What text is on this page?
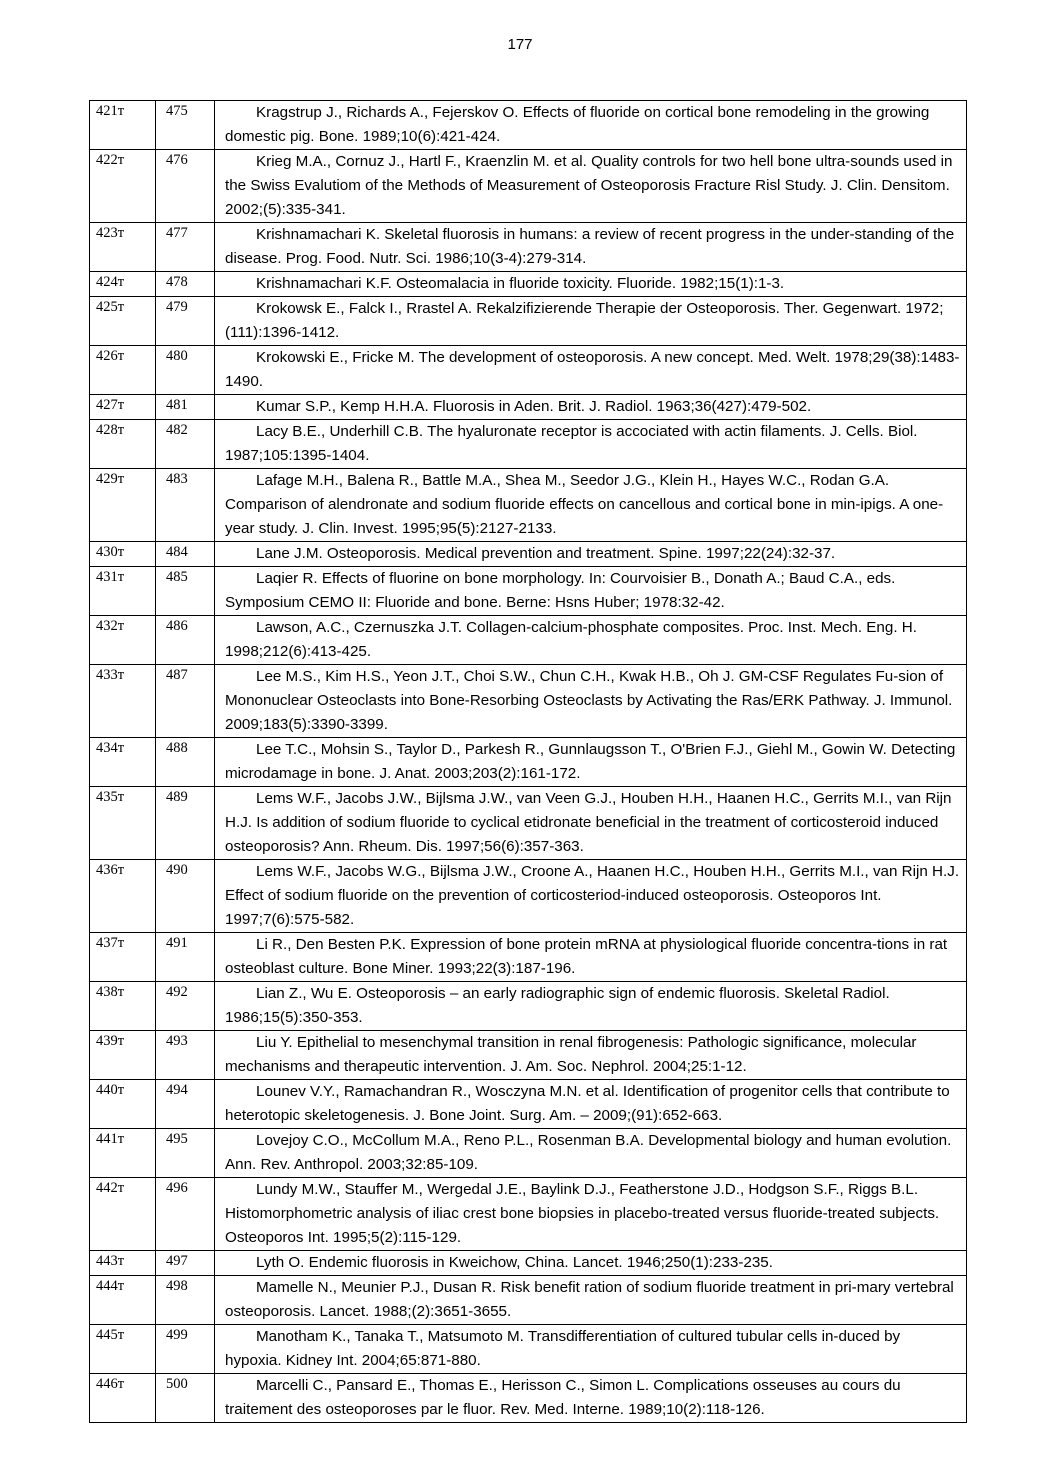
177
421т	475	Kragstrup J., Richards A., Fejerskov O. Effects of fluoride on cortical bone remodeling in the growing domestic pig. Bone. 1989;10(6):421-424.
422т	476	Krieg M.A., Cornuz J., Hartl F., Kraenzlin M. et al. Quality controls for two hell bone ultra-sounds used in the Swiss Evalutiom of the Methods of Measurement of Osteoporosis Fracture Risl Study. J. Clin. Densitom. 2002;(5):335-341.
423т	477	Krishnamachari K. Skeletal fluorosis in humans: a review of recent progress in the under-standing of the disease. Prog. Food. Nutr. Sci. 1986;10(3-4):279-314.
424т	478	Krishnamachari K.F. Osteomalacia in fluoride toxicity. Fluoride. 1982;15(1):1-3.
425т	479	Krokowsk E., Falck I., Rrastel A. Rekalzifizierende Therapie der Osteoporosis. Ther. Gegenwart. 1972;(111):1396-1412.
426т	480	Krokowski E., Fricke M. The development of osteoporosis. A new concept. Med. Welt. 1978;29(38):1483-1490.
427т	481	Kumar S.P., Kemp H.H.A. Fluorosis in Aden. Brit. J. Radiol. 1963;36(427):479-502.
428т	482	Lacy B.E., Underhill C.B. The hyaluronate receptor is accociated with actin filaments. J. Cells. Biol. 1987;105:1395-1404.
429т	483	Lafage M.H., Balena R., Battle M.A., Shea M., Seedor J.G., Klein H., Hayes W.C., Rodan G.A. Comparison of alendronate and sodium fluoride effects on cancellous and cortical bone in min-ipigs. A one-year study. J. Clin. Invest. 1995;95(5):2127-2133.
430т	484	Lane J.M. Osteoporosis. Medical prevention and treatment. Spine. 1997;22(24):32-37.
431т	485	Laqier R. Effects of fluorine on bone morphology. In: Courvoisier B., Donath A.; Baud C.A., eds. Symposium CEMO II: Fluoride and bone. Berne: Hsns Huber; 1978:32-42.
432т	486	Lawson, A.C., Czernuszka J.T. Collagen-calcium-phosphate composites. Proc. Inst. Mech. Eng. H. 1998;212(6):413-425.
433т	487	Lee M.S., Kim H.S., Yeon J.T., Choi S.W., Chun C.H., Kwak H.B., Oh J. GM-CSF Regulates Fu-sion of Mononuclear Osteoclasts into Bone-Resorbing Osteoclasts by Activating the Ras/ERK Pathway. J. Immunol. 2009;183(5):3390-3399.
434т	488	Lee T.C., Mohsin S., Taylor D., Parkesh R., Gunnlaugsson T., O'Brien F.J., Giehl M., Gowin W. Detecting microdamage in bone. J. Anat. 2003;203(2):161-172.
435т	489	Lems W.F., Jacobs J.W., Bijlsma J.W., van Veen G.J., Houben H.H., Haanen H.C., Gerrits M.I., van Rijn H.J. Is addition of sodium fluoride to cyclical etidronate beneficial in the treatment of corticosteroid induced osteoporosis? Ann. Rheum. Dis. 1997;56(6):357-363.
436т	490	Lems W.F., Jacobs W.G., Bijlsma J.W., Croone A., Haanen H.C., Houben H.H., Gerrits M.I., van Rijn H.J. Effect of sodium fluoride on the prevention of corticosteriod-induced osteoporosis. Osteoporos Int. 1997;7(6):575-582.
437т	491	Li R., Den Besten P.K. Expression of bone protein mRNA at physiological fluoride concentra-tions in rat osteoblast culture. Bone Miner. 1993;22(3):187-196.
438т	492	Lian Z., Wu E. Osteoporosis – an early radiographic sign of endemic fluorosis. Skeletal Radiol. 1986;15(5):350-353.
439т	493	Liu Y. Epithelial to mesenchymal transition in renal fibrogenesis: Pathologic significance, molecular mechanisms and therapeutic intervention. J. Am. Soc. Nephrol. 2004;25:1-12.
440т	494	Lounev V.Y., Ramachandran R., Wosczyna M.N. et al. Identification of progenitor cells that contribute to heterotopic skeletogenesis. J. Bone Joint. Surg. Am. – 2009;(91):652-663.
441т	495	Lovejoy C.O., McCollum M.A., Reno P.L., Rosenman B.A. Developmental biology and human evolution. Ann. Rev. Anthropol. 2003;32:85-109.
442т	496	Lundy M.W., Stauffer M., Wergedal J.E., Baylink D.J., Featherstone J.D., Hodgson S.F., Riggs B.L. Histomorphometric analysis of iliac crest bone biopsies in placebo-treated versus fluoride-treated subjects. Osteoporos Int. 1995;5(2):115-129.
443т	497	Lyth O. Endemic fluorosis in Kweichow, China. Lancet. 1946;250(1):233-235.
444т	498	Mamelle N., Meunier P.J., Dusan R. Risk benefit ration of sodium fluoride treatment in pri-mary vertebral osteoporosis. Lancet. 1988;(2):3651-3655.
445т	499	Manotham K., Tanaka T., Matsumoto M. Transdifferentiation of cultured tubular cells in-duced by hypoxia. Kidney Int. 2004;65:871-880.
446т	500	Marcelli C., Pansard E., Thomas E., Herisson C., Simon L. Complications osseuses au cours du traitement des osteoporoses par le fluor. Rev. Med. Interne. 1989;10(2):118-126.
